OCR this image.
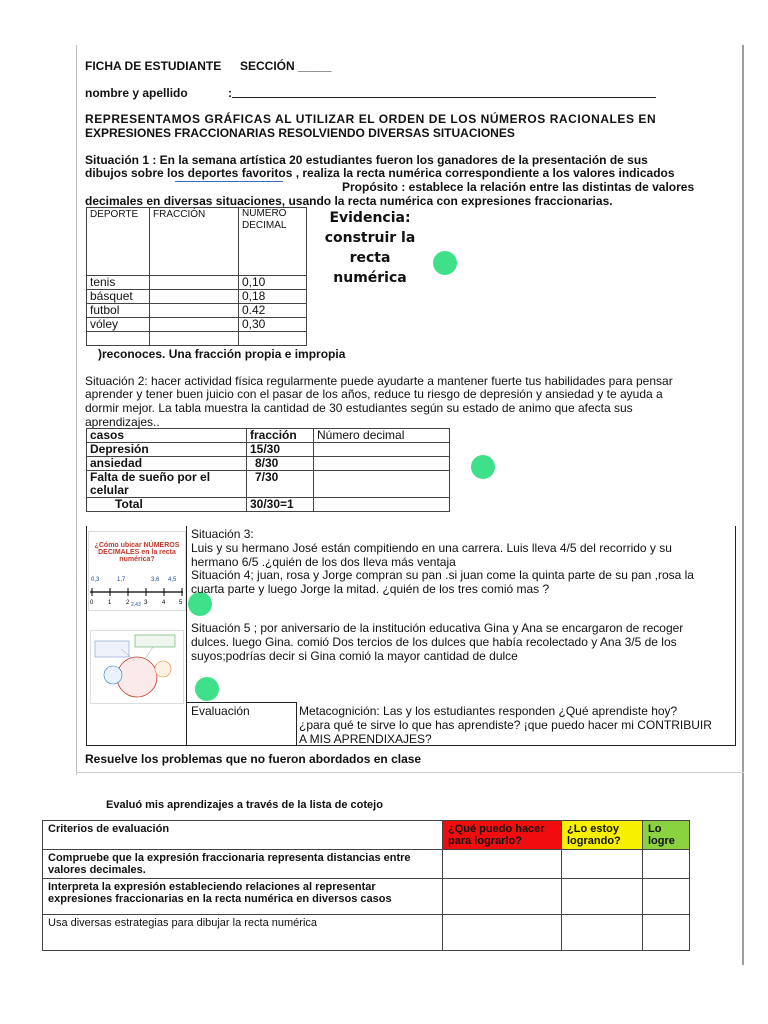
FICHA DE ESTUDIANTE SECCIÓN _____
nombre y apellido	:
REPRESENTAMOS GRÁFICAS AL UTILIZAR EL ORDEN DE LOS NÚMEROS RACIONALES EN
EXPRESIONES FRACCIONARIAS RESOLVIENDO DIVERSAS SITUACIONES
Situación 1 : En la semana artística 20 estudiantes fueron los ganadores de la presentación de sus
dibujos sobre los deportes favoritos , realiza la recta numérica correspondiente a los valores indicados
Propósito : establece la relación entre las distintas de valores
decimales en diversas situaciones, usando la recta numérica con expresiones fraccionarias.
DEPORTE	FRACCIÓN	NUMERO DECIMAL
tenis		0,10
básquet		0,18
futbol		0.42
vóley		0,30

Evidencia:
construir la
recta
numérica
)reconoces. Una fracción propia e impropia
Situación 2: hacer actividad física regularmente puede ayudarte a mantener fuerte tus habilidades para pensar
aprender y tener buen juicio con el pasar de los años, reduce tu riesgo de depresión y ansiedad y te ayuda a
dormir mejor. La tabla muestra la cantidad de 30 estudiantes según su estado de animo que afecta sus
aprendizajes..
casos	fracción	Número decimal
Depresión	15/30	
ansiedad	8/30	
Falta de sueño por el celular	7/30	
Total	30/30=1	
¿Cómo ubicar NÚMEROS
DECIMALES en la recta numérica?
0,3	1,7	3,6 4,5
0 1 2 2,43 3 4 5
Situación 3:
Luis y su hermano José están compitiendo en una carrera. Luis lleva 4/5 del recorrido y su
hermano 6/5 .¿quién de los dos lleva más ventaja
Situación 4; juan, rosa y Jorge compran su pan .si juan come la quinta parte de su pan ,rosa la
cuarta parte y luego Jorge la mitad. ¿quién de los tres comió mas ?
Situación 5 ; por aniversario de la institución educativa Gina y Ana se encargaron de recoger
dulces. luego Gina. comió Dos tercios de los dulces que había recolectado y Ana 3/5 de los
suyos;podrías decir si Gina comió la mayor cantidad de dulce
Evaluación	Metacognición: Las y los estudiantes responden ¿Qué aprendiste hoy?
¿para qué te sirve lo que has aprendiste? ¡que puedo hacer mi CONTRIBUIR
A MIS APRENDIXAJES?
Resuelve los problemas que no fueron abordados en clase
Evaluó mis aprendizajes a través de la lista de cotejo
Criterios de evaluación	¿Qué puedo hacer para lograrlo?	¿Lo estoy logrando?	Lo logre
Compruebe que la expresión fraccionaria representa distancias entre valores decimales.			
Interpreta la expresión estableciendo relaciones al representar expresiones fraccionarias en la recta numérica en diversos casos			
Usa diversas estrategias para dibujar la recta numérica			
